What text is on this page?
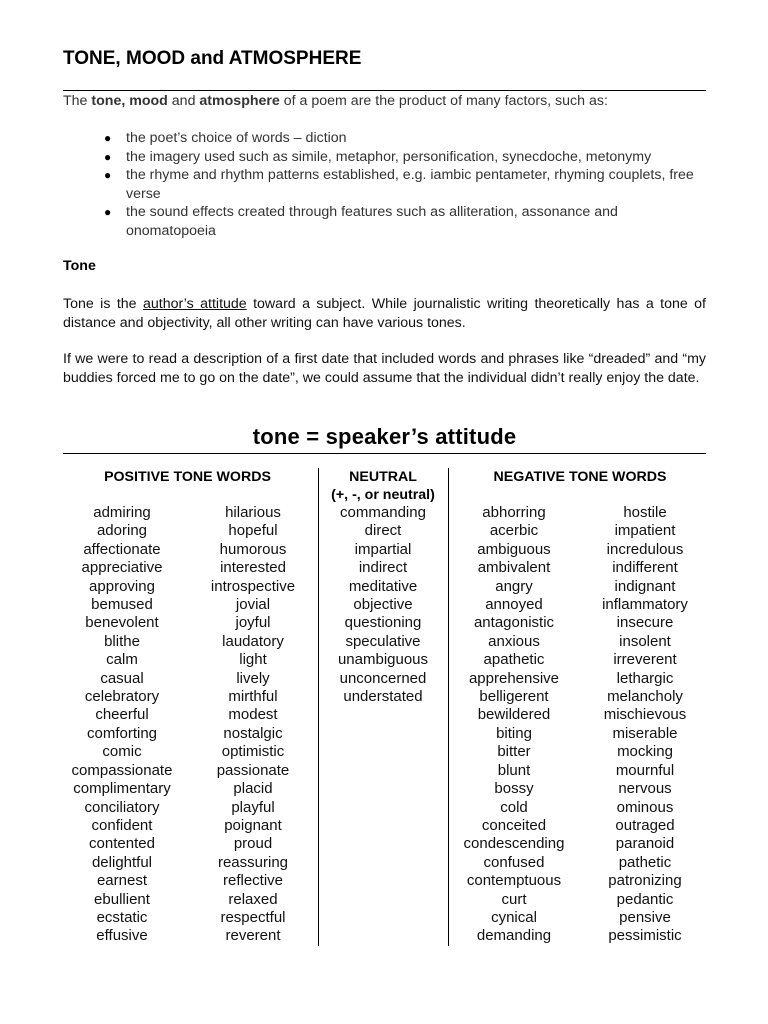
TONE, MOOD and ATMOSPHERE
The tone, mood and atmosphere of a poem are the product of many factors, such as:
● the poet’s choice of words – diction
● the imagery used such as simile, metaphor, personification, synecdoche, metonymy
● the rhyme and rhythm patterns established, e.g. iambic pentameter, rhyming couplets, free verse
● the sound effects created through features such as alliteration, assonance and onomatopoeia
Tone
Tone is the author’s attitude toward a subject. While journalistic writing theoretically has a tone of distance and objectivity, all other writing can have various tones.
If we were to read a description of a first date that included words and phrases like “dreaded” and “my buddies forced me to go on the date”, we could assume that the individual didn’t really enjoy the date.
tone = speaker’s attitude
POSITIVE TONE WORDS	NEUTRAL
(+, -, or neutral)
NEGATIVE TONE WORDS
admiring
adoring
affectionate
appreciative
approving
bemused
benevolent
blithe
calm
casual
celebratory
cheerful
comforting
comic
compassionate
complimentary
conciliatory
confident
contented
delightful
earnest
ebullient
ecstatic
effusive
hilarious
hopeful
humorous
interested
introspective
jovial
joyful
laudatory
light
lively
mirthful
modest
nostalgic
optimistic
passionate
placid
playful
poignant
proud
reassuring
reflective
relaxed
respectful
reverent
commanding
direct
impartial
indirect
meditative
objective
questioning
speculative
unambiguous
unconcerned
understated
abhorring
acerbic
ambiguous
ambivalent
angry
annoyed
antagonistic
anxious
apathetic
apprehensive
belligerent
bewildered
biting
bitter
blunt
bossy
cold
conceited
condescending
confused
contemptuous
curt
cynical
demanding
hostile
impatient
incredulous
indifferent
indignant
inflammatory
insecure
insolent
irreverent
lethargic
melancholy
mischievous
miserable
mocking
mournful
nervous
ominous
outraged
paranoid
pathetic
patronizing
pedantic
pensive
pessimistic
